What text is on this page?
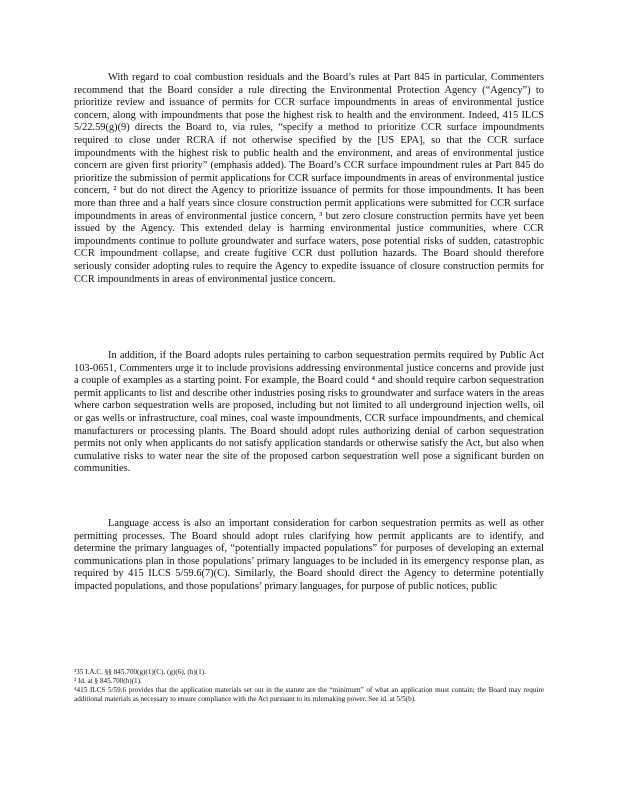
With regard to coal combustion residuals and the Board’s rules at Part 845 in particular, Commenters recommend that the Board consider a rule directing the Environmental Protection Agency (“Agency”) to prioritize review and issuance of permits for CCR surface impoundments in areas of environmental justice concern, along with impoundments that pose the highest risk to health and the environment. Indeed, 415 ILCS 5/22.59(g)(9) directs the Board to, via rules, “specify a method to prioritize CCR surface impoundments required to close under RCRA if not otherwise specified by the [US EPA], so that the CCR surface impoundments with the highest risk to public health and the environment, and areas of environmental justice concern are given first priority” (emphasis added). The Board’s CCR surface impoundment rules at Part 845 do prioritize the submission of permit applications for CCR surface impoundments in areas of environmental justice concern, ² but do not direct the Agency to prioritize issuance of permits for those impoundments. It has been more than three and a half years since closure construction permit applications were submitted for CCR surface impoundments in areas of environmental justice concern, ³ but zero closure construction permits have yet been issued by the Agency. This extended delay is harming environmental justice communities, where CCR impoundments continue to pollute groundwater and surface waters, pose potential risks of sudden, catastrophic CCR impoundment collapse, and create fugitive CCR dust pollution hazards. The Board should therefore seriously consider adopting rules to require the Agency to expedite issuance of closure construction permits for CCR impoundments in areas of environmental justice concern.

In addition, if the Board adopts rules pertaining to carbon sequestration permits required by Public Act 103-0651, Commenters urge it to include provisions addressing environmental justice concerns and provide just a couple of examples as a starting point. For example, the Board could ⁴ and should require carbon sequestration permit applicants to list and describe other industries posing risks to groundwater and surface waters in the areas where carbon sequestration wells are proposed, including but not limited to all underground injection wells, oil or gas wells or infrastructure, coal mines, coal waste impoundments, CCR surface impoundments, and chemical manufacturers or processing plants. The Board should adopt rules authorizing denial of carbon sequestration permits not only when applicants do not satisfy application standards or otherwise satisfy the Act, but also when cumulative risks to water near the site of the proposed carbon sequestration well pose a significant burden on communities.

Language access is also an important consideration for carbon sequestration permits as well as other permitting processes. The Board should adopt rules clarifying how permit applicants are to identify, and determine the primary languages of, “potentially impacted populations” for purposes of developing an external communications plan in those populations’ primary languages to be included in its emergency response plan, as required by 415 ILCS 5/59.6(7)(C). Similarly, the Board should direct the Agency to determine potentially impacted populations, and those populations’ primary languages, for purpose of public notices, public

²35 I.A.C. §§ 845.700(g)(1)(C), (g)(6), (h)(1).

³ Id. at § 845.700(h)(1).

⁴415 ILCS 5/59.6 provides that the application materials set out in the statute are the “minimum” of what an application must contain; the Board may require additional materials as necessary to ensure compliance with the Act pursuant to its rulemaking power. See id. at 5/5(b).
